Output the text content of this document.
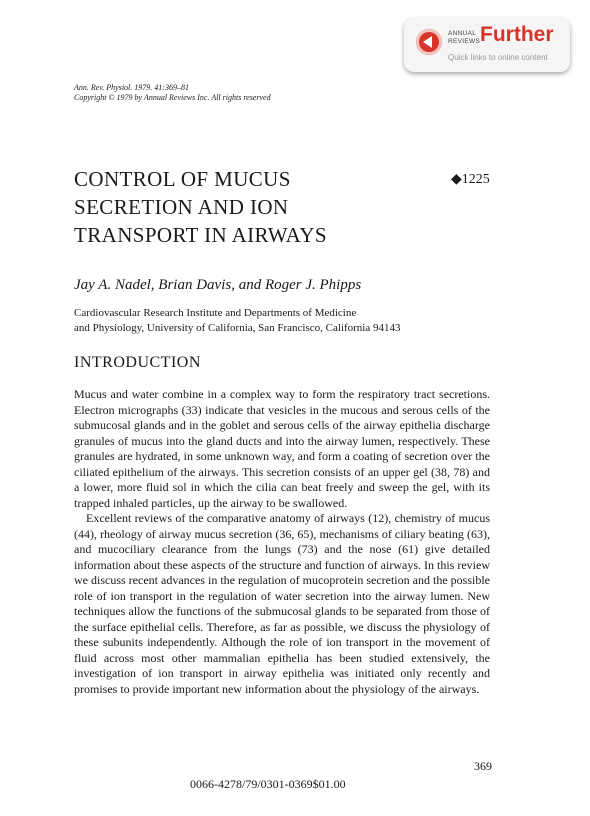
ANNUAL
REVIEWS Further
Quick links to online content
Ann. Rev. Physiol. 1979. 41:369–81
Copyright © 1979 by Annual Reviews Inc. All rights reserved
CONTROL OF MUCUS
SECRETION AND ION
TRANSPORT IN AIRWAYS
◆1225
Jay A. Nadel, Brian Davis, and Roger J. Phipps
Cardiovascular Research Institute and Departments of Medicine
and Physiology, University of California, San Francisco, California 94143
INTRODUCTION

Mucus and water combine in a complex way to form the respiratory tract secretions. Electron micrographs (33) indicate that vesicles in the mucous and serous cells of the submucosal glands and in the goblet and serous cells of the airway epithelia discharge granules of mucus into the gland ducts and into the airway lumen, respectively. These granules are hydrated, in some unknown way, and form a coating of secretion over the ciliated epithelium of the airways. This secretion consists of an upper gel (38, 78) and a lower, more fluid sol in which the cilia can beat freely and sweep the gel, with its trapped inhaled particles, up the airway to be swallowed.

Excellent reviews of the comparative anatomy of airways (12), chemistry of mucus (44), rheology of airway mucus secretion (36, 65), mechanisms of ciliary beating (63), and mucociliary clearance from the lungs (73) and the nose (61) give detailed information about these aspects of the structure and function of airways. In this review we discuss recent advances in the regulation of mucoprotein secretion and the possible role of ion transport in the regulation of water secretion into the airway lumen. New techniques allow the functions of the submucosal glands to be separated from those of the surface epithelial cells. Therefore, as far as possible, we discuss the physiology of these subunits independently. Although the role of ion transport in the movement of fluid across most other mammalian epithelia has been studied extensively, the investigation of ion transport in airway epithelia was initiated only recently and promises to provide important new information about the physiology of the airways.

369
0066-4278/79/0301-0369$01.00
